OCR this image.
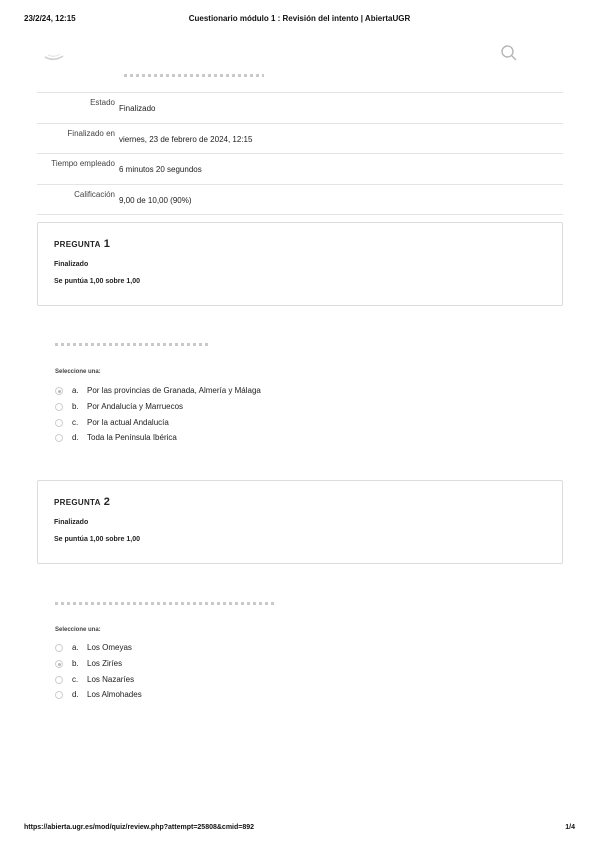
23/2/24, 12:15	Cuestionario módulo 1 : Revisión del intento | AbiertaUGR
Estado
Finalizado
Finalizado en
viernes, 23 de febrero de 2024, 12:15
Tiempo empleado
6 minutos 20 segundos
Calificación
9,00 de 10,00 (90%)
PREGUNTA 1
Finalizado
Se puntúa 1,00 sobre 1,00
Seleccione una:
a. Por las provincias de Granada, Almería y Málaga
b. Por Andalucía y Marruecos
c. Por la actual Andalucía
d. Toda la Península Ibérica
PREGUNTA 2
Finalizado
Se puntúa 1,00 sobre 1,00
Seleccione una:
a. Los Omeyas
b. Los Ziríes
c. Los Nazaríes
d. Los Almohades
https://abierta.ugr.es/mod/quiz/review.php?attempt=25808&cmid=892	1/4
